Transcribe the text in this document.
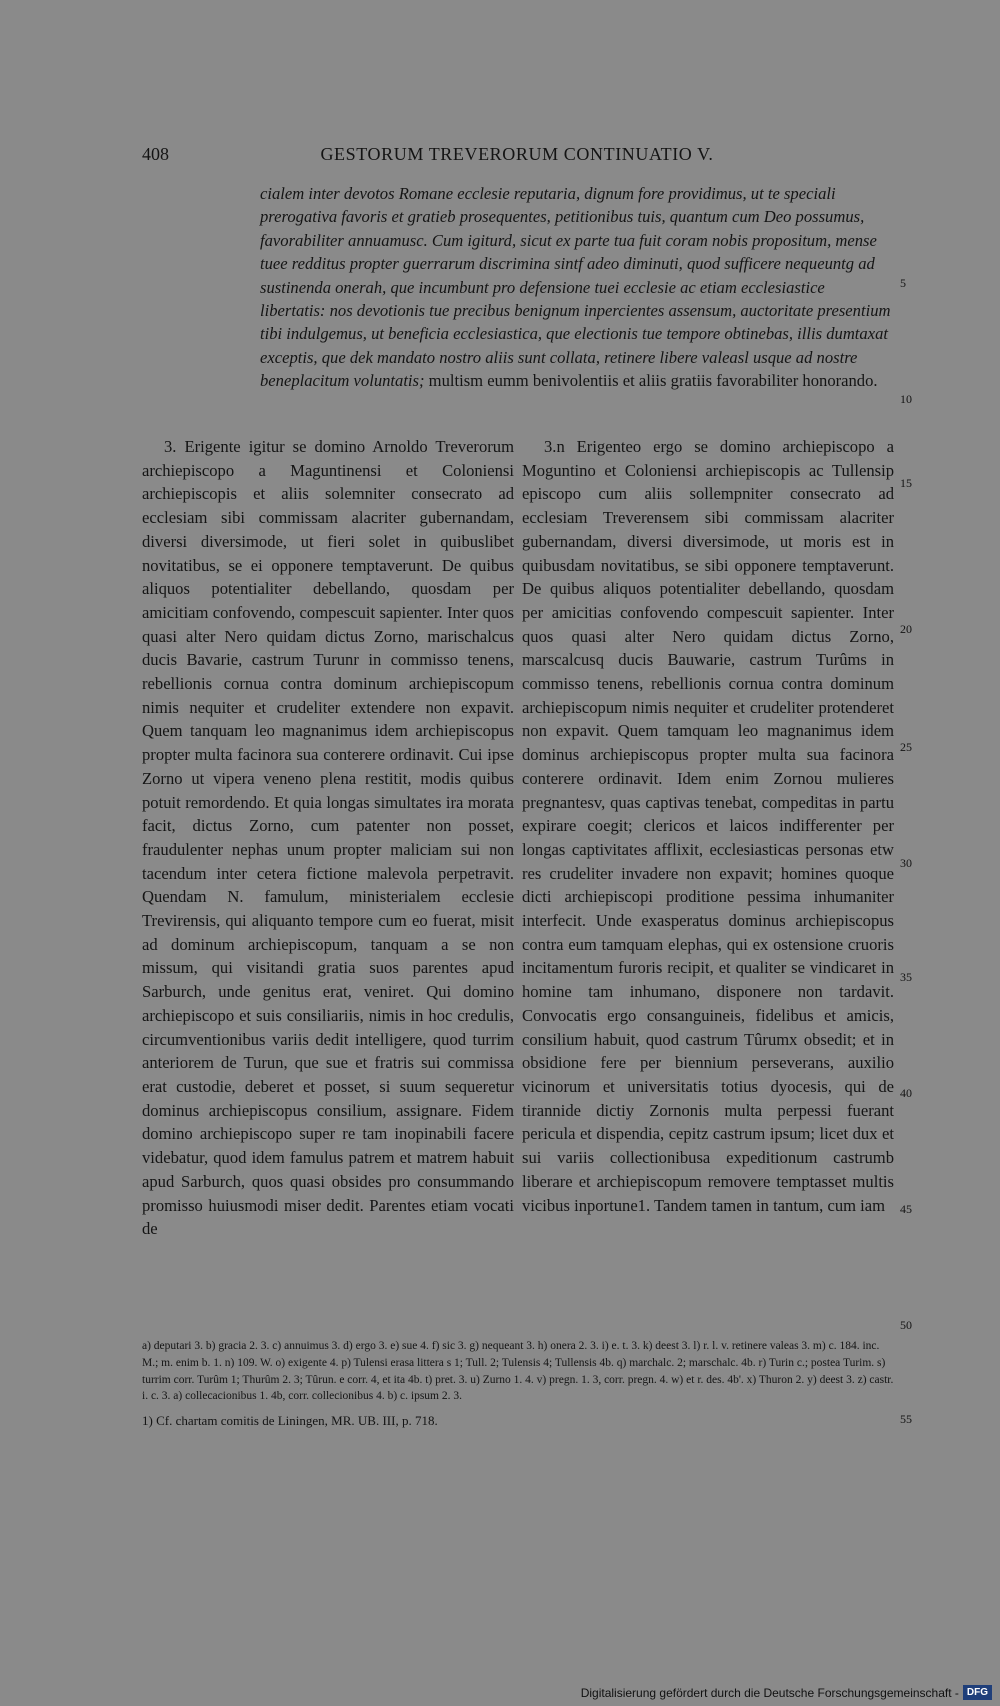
408	GESTORUM TREVERORUM CONTINUATIO V.

cialem inter devotos Romane ecclesie reputaria, dignum fore providimus, ut te speciali prerogativa favoris et gratieb prosequentes, petitionibus tuis, quantum cum Deo possumus, favorabiliter annuamusc. Cum igiturd, sicut ex parte tua fuit coram nobis propositum, mense tuee redditus propter guerrarum discrimina sintf adeo diminuti, quod sufficere nequeuntg ad sustinenda onerah, que incumbunt pro defensione tuei ecclesie ac etiam ecclesiastice libertatis: nos devotionis tue precibus benignum inpercientes assensum, auctoritate presentium tibi indulgemus, ut beneficia ecclesiastica, que electionis tue tempore obtinebas, illis dumtaxat exceptis, que dek mandato nostro aliis sunt collata, retinere libere valeasl usque ad nostre beneplacitum voluntatis; multism eumm benivolentiis et aliis gratiis favorabiliter honorando.

3. Erigente igitur se domino Arnoldo Treverorum archiepiscopo a Maguntinensi et Coloniensi archiepiscopis et aliis solemniter consecrato ad ecclesiam sibi commissam alacriter gubernandam, diversi diversimode, ut fieri solet in quibuslibet novitatibus, se ei opponere temptaverunt. De quibus aliquos potentialiter debellando, quosdam per amicitiam confovendo, compescuit sapienter. Inter quos quasi alter Nero quidam dictus Zorno, marischalcus ducis Bavarie, castrum Turunr in commisso tenens, rebellionis cornua contra dominum archiepiscopum nimis nequiter et crudeliter extendere non expavit. Quem tanquam leo magnanimus idem archiepiscopus propter multa facinora sua conterere ordinavit. Cui ipse Zorno ut vipera veneno plena restitit, modis quibus potuit remordendo. Et quia longas simultates ira morata facit, dictus Zorno, cum patenter non posset, fraudulenter nephas unum propter maliciam sui non tacendum inter cetera fictione malevola perpetravit. Quendam N. famulum, ministerialem ecclesie Trevirensis, qui aliquanto tempore cum eo fuerat, misit ad dominum archiepiscopum, tanquam a se non missum, qui visitandi gratia suos parentes apud Sarburch, unde genitus erat, veniret. Qui domino archiepiscopo et suis consiliariis, nimis in hoc credulis, circumventionibus variis dedit intelligere, quod turrim anteriorem de Turun, que sue et fratris sui commissa erat custodie, deberet et posset, si suum sequeretur dominus archiepiscopus consilium, assignare. Fidem domino archiepiscopo super re tam inopinabili facere videbatur, quod idem famulus patrem et matrem habuit apud Sarburch, quos quasi obsides pro consummando promisso huiusmodi miser dedit. Parentes etiam vocati de

3.n Erigenteo ergo se domino archiepiscopo a Moguntino et Coloniensi archiepiscopis ac Tullensip episcopo cum aliis sollempniter consecrato ad ecclesiam Treverensem sibi commissam alacriter gubernandam, diversi diversimode, ut moris est in quibusdam novitatibus, se sibi opponere temptaverunt. De quibus aliquos potentialiter debellando, quosdam per amicitias confovendo compescuit sapienter. Inter quos quasi alter Nero quidam dictus Zorno, marscalcusq ducis Bauwarie, castrum Turûms in commisso tenens, rebellionis cornua contra dominum archiepiscopum nimis nequiter et crudeliter protenderet non expavit. Quem tamquam leo magnanimus idem dominus archiepiscopus propter multa sua facinora conterere ordinavit. Idem enim Zornou mulieres pregnantesv, quas captivas tenebat, compeditas in partu expirare coegit; clericos et laicos indifferenter per longas captivitates afflixit, ecclesiasticas personas etw res crudeliter invadere non expavit; homines quoque dicti archiepiscopi proditione pessima inhumaniter interfecit. Unde exasperatus dominus archiepiscopus contra eum tamquam elephas, qui ex ostensione cruoris incitamentum furoris recipit, et qualiter se vindicaret in homine tam inhumano, disponere non tardavit. Convocatis ergo consanguineis, fidelibus et amicis, consilium habuit, quod castrum Tûrumx obsedit; et in obsidione fere per biennium perseverans, auxilio vicinorum et universitatis totius dyocesis, qui de tirannide dictiy Zornonis multa perpessi fuerant pericula et dispendia, cepitz castrum ipsum; licet dux et sui variis collectionibusa expeditionum castrumb liberare et archiepiscopum removere temptasset multis vicibus inportune1. Tandem tamen in tantum, cum iam

5
10
15
20
25
30
35
40
45
50
55

a) deputari 3. b) gracia 2. 3. c) annuimus 3. d) ergo 3. e) sue 4. f) sic 3. g) nequeant 3. h) onera 2. 3. i) e. t. 3. k) deest 3. l) r. l. v. retinere valeas 3. m) c. 184. inc. M.; m. enim b. 1. n) 109. W. o) exigente 4. p) Tulensi erasa littera s 1; Tull. 2; Tulensis 4; Tullensis 4b. q) marchalc. 2; marschalc. 4b. r) Turin c.; postea Turim. s) turrim corr. Turûm 1; Thurûm 2. 3; Tûrun. e corr. 4, et ita 4b. t) pret. 3. u) Zurno 1. 4. v) pregn. 1. 3, corr. pregn. 4. w) et r. des. 4b'. x) Thuron 2. y) deest 3. z) castr. i. c. 3. a) collecacionibus 1. 4b, corr. collecionibus 4. b) c. ipsum 2. 3.

1) Cf. chartam comitis de Liningen, MR. UB. III, p. 718.

Digitalisierung gefördert durch die Deutsche Forschungsgemeinschaft - DFG
